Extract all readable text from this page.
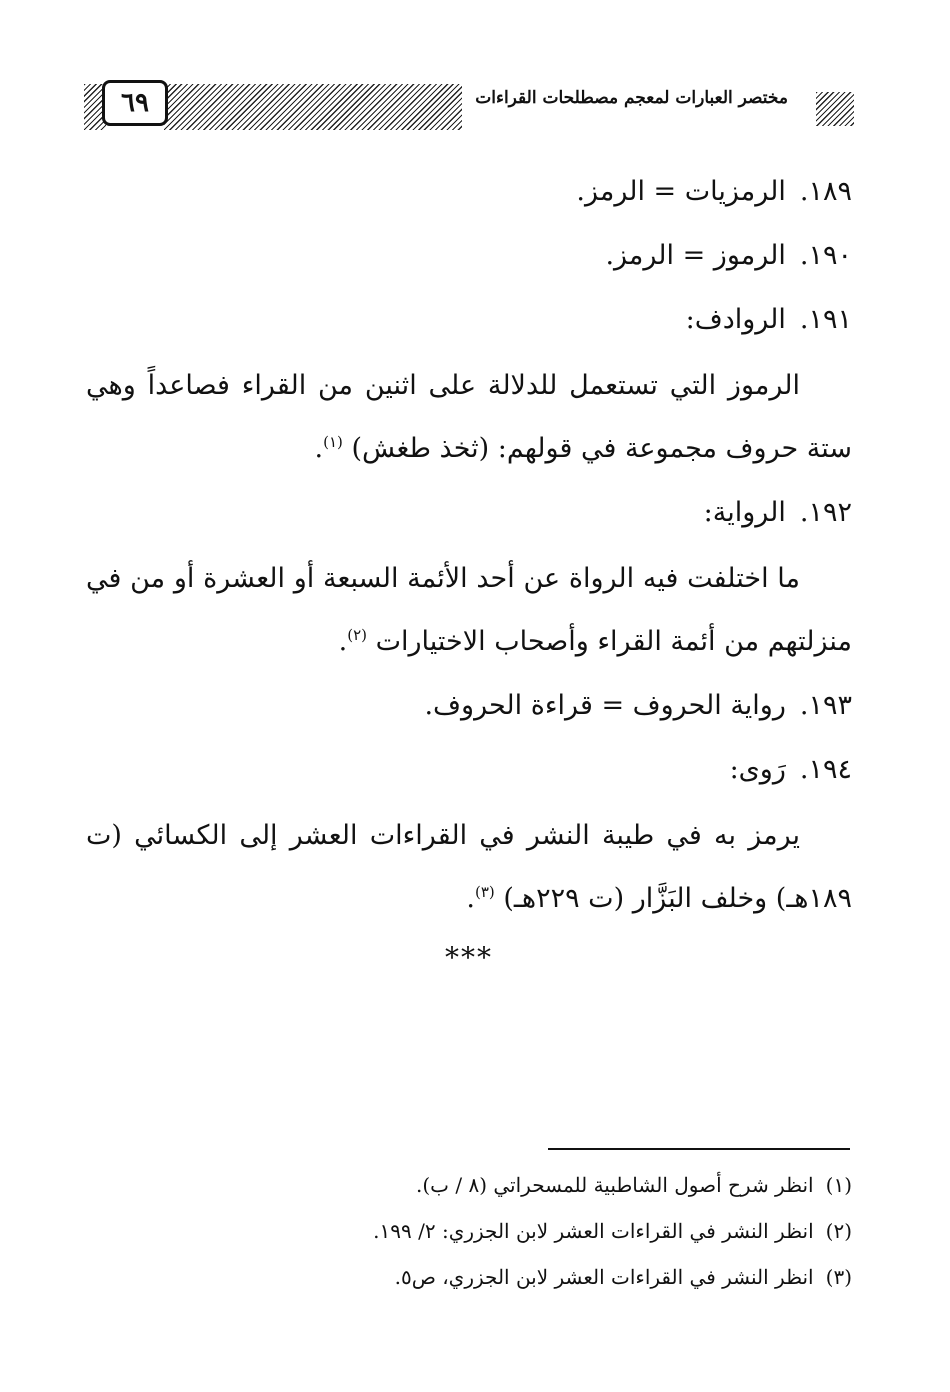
٦٩	مختصر العبارات لمعجم مصطلحات القراءات
١٨٩.الرمزيات = الرمز.
١٩٠.الرموز = الرمز.
١٩١.الروادف:
الرموز التي تستعمل للدلالة على اثنين من القراء فصاعداً وهي ستة حروف مجموعة في قولهم: (ثخذ طغش) $^{(١)}$.
١٩٢.الرواية:
ما اختلفت فيه الرواة عن أحد الأئمة السبعة أو العشرة أو من في منزلتهم من أئمة القراء وأصحاب الاختيارات $^{(٢)}$.
١٩٣.رواية الحروف = قراءة الحروف.
١٩٤.رَوى:
يرمز به في طيبة النشر في القراءات العشر إلى الكسائي (ت ١٨٩هـ) وخلف البَزَّار (ت ٢٢٩هـ) $^{(٣)}$.
***
(١)انظر شرح أصول الشاطبية للمسحراتي (٨ / ب).
(٢)انظر النشر في القراءات العشر لابن الجزري: ٢/ ١٩٩.
(٣)انظر النشر في القراءات العشر لابن الجزري، ص٥.
